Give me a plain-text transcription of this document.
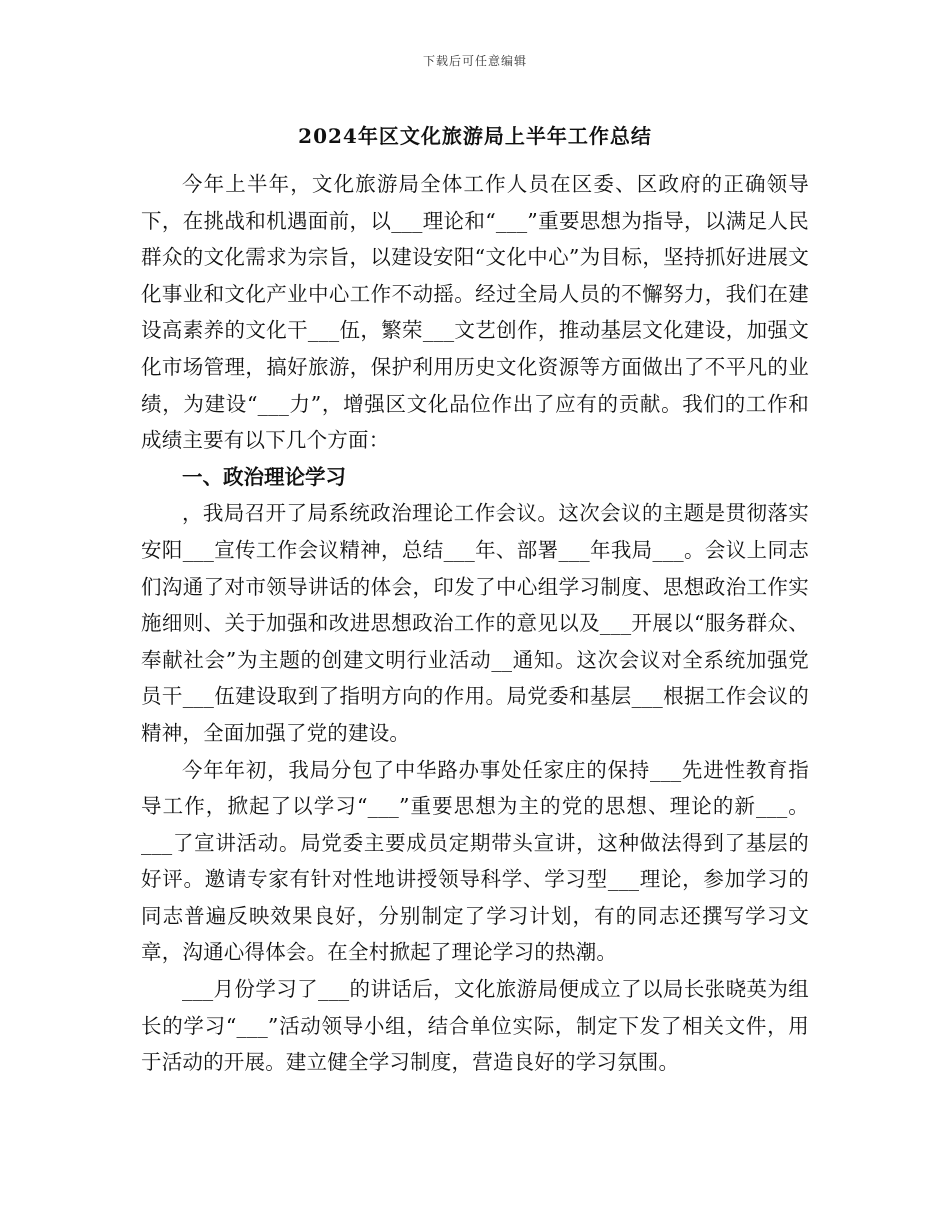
下载后可任意编辑
2024年区文化旅游局上半年工作总结

今年上半年，文化旅游局全体工作人员在区委、区政府的正确领导下，在挑战和机遇面前，以___理论和“___”重要思想为指导，以满足人民群众的文化需求为宗旨，以建设安阳“文化中心”为目标，坚持抓好进展文化事业和文化产业中心工作不动摇。经过全局人员的不懈努力，我们在建设高素养的文化干___伍，繁荣___文艺创作，推动基层文化建设，加强文化市场管理，搞好旅游，保护利用历史文化资源等方面做出了不平凡的业绩，为建设“___力”，增强区文化品位作出了应有的贡献。我们的工作和成绩主要有以下几个方面：

一、政治理论学习

，我局召开了局系统政治理论工作会议。这次会议的主题是贯彻落实安阳___宣传工作会议精神，总结___年、部署___年我局___。会议上同志们沟通了对市领导讲话的体会，印发了中心组学习制度、思想政治工作实施细则、关于加强和改进思想政治工作的意见以及___开展以“服务群众、奉献社会”为主题的创建文明行业活动__通知。这次会议对全系统加强党员干___伍建设取到了指明方向的作用。局党委和基层___根据工作会议的精神，全面加强了党的建设。

今年年初，我局分包了中华路办事处任家庄的保持___先进性教育指导工作，掀起了以学习“___”重要思想为主的党的思想、理论的新___。___了宣讲活动。局党委主要成员定期带头宣讲，这种做法得到了基层的好评。邀请专家有针对性地讲授领导科学、学习型___理论，参加学习的同志普遍反映效果良好，分别制定了学习计划，有的同志还撰写学习文章，沟通心得体会。在全村掀起了理论学习的热潮。

___月份学习了___的讲话后，文化旅游局便成立了以局长张晓英为组长的学习“___”活动领导小组，结合单位实际，制定下发了相关文件，用于活动的开展。建立健全学习制度，营造良好的学习氛围。
